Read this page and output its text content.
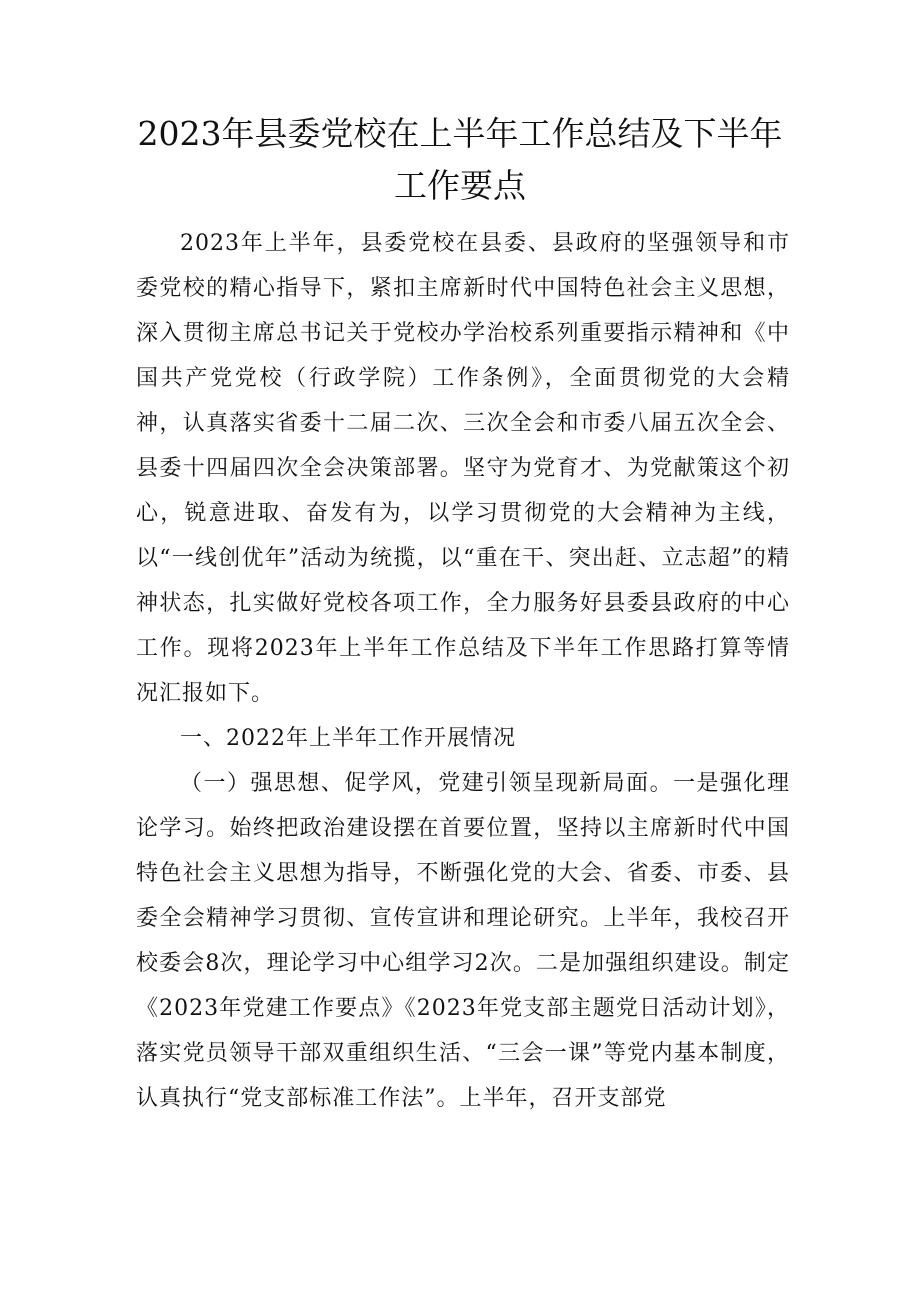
2023年县委党校在上半年工作总结及下半年工作要点

2023年上半年，县委党校在县委、县政府的坚强领导和市委党校的精心指导下，紧扣主席新时代中国特色社会主义思想，深入贯彻主席总书记关于党校办学治校系列重要指示精神和《中国共产党党校（行政学院）工作条例》，全面贯彻党的大会精神，认真落实省委十二届二次、三次全会和市委八届五次全会、县委十四届四次全会决策部署。坚守为党育才、为党献策这个初心，锐意进取、奋发有为，以学习贯彻党的大会精神为主线，以“一线创优年”活动为统揽，以“重在干、突出赶、立志超”的精神状态，扎实做好党校各项工作，全力服务好县委县政府的中心工作。现将2023年上半年工作总结及下半年工作思路打算等情况汇报如下。

一、2022年上半年工作开展情况

（一）强思想、促学风，党建引领呈现新局面。一是强化理论学习。始终把政治建设摆在首要位置，坚持以主席新时代中国特色社会主义思想为指导，不断强化党的大会、省委、市委、县委全会精神学习贯彻、宣传宣讲和理论研究。上半年，我校召开校委会8次，理论学习中心组学习2次。二是加强组织建设。制定《2023年党建工作要点》《2023年党支部主题党日活动计划》，落实党员领导干部双重组织生活、“三会一课”等党内基本制度，认真执行“党支部标准工作法”。上半年，召开支部党
